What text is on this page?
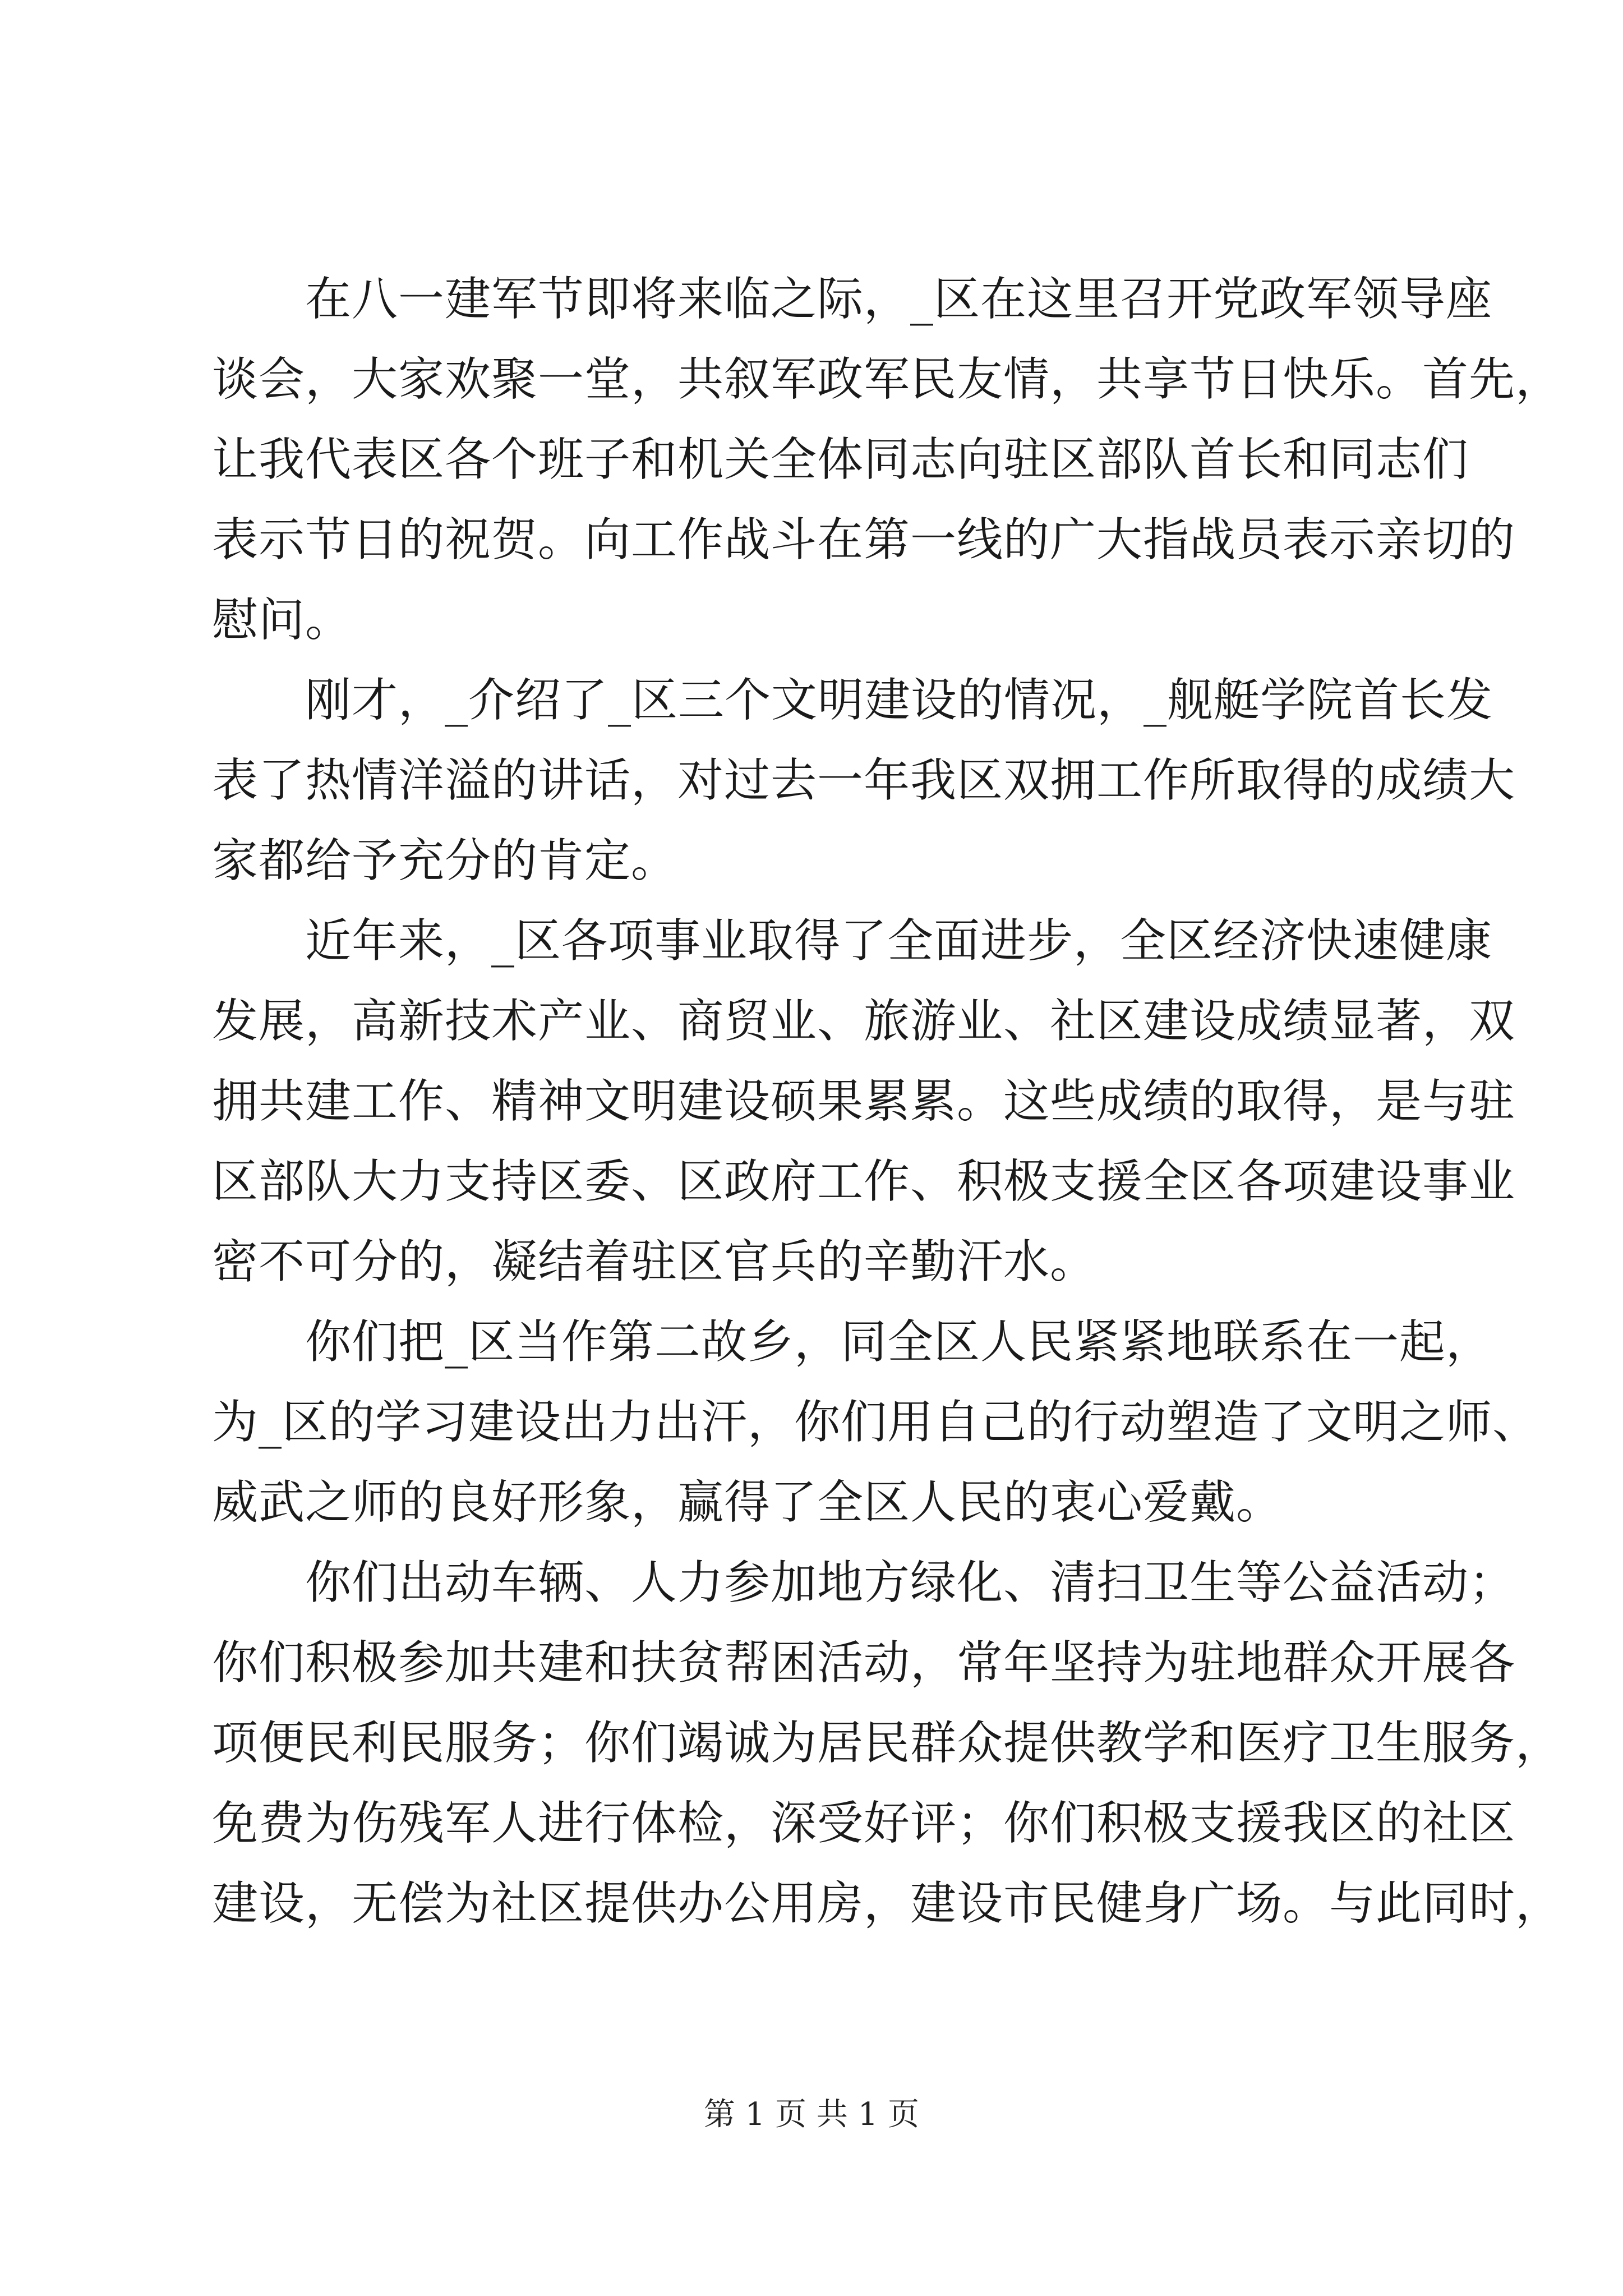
在八一建军节即将来临之际，_区在这里召开党政军领导座
谈会，大家欢聚一堂，共叙军政军民友情，共享节日快乐。首先，
让我代表区各个班子和机关全体同志向驻区部队首长和同志们
表示节日的祝贺。向工作战斗在第一线的广大指战员表示亲切的
慰问。
刚才，_介绍了_区三个文明建设的情况，_舰艇学院首长发
表了热情洋溢的讲话，对过去一年我区双拥工作所取得的成绩大
家都给予充分的肯定。
近年来，_区各项事业取得了全面进步，全区经济快速健康
发展，高新技术产业、商贸业、旅游业、社区建设成绩显著，双
拥共建工作、精神文明建设硕果累累。这些成绩的取得，是与驻
区部队大力支持区委、区政府工作、积极支援全区各项建设事业
密不可分的，凝结着驻区官兵的辛勤汗水。
你们把_区当作第二故乡，同全区人民紧紧地联系在一起，
为_区的学习建设出力出汗，你们用自己的行动塑造了文明之师、
威武之师的良好形象，赢得了全区人民的衷心爱戴。
你们出动车辆、人力参加地方绿化、清扫卫生等公益活动；
你们积极参加共建和扶贫帮困活动，常年坚持为驻地群众开展各
项便民利民服务；你们竭诚为居民群众提供教学和医疗卫生服务，
免费为伤残军人进行体检，深受好评；你们积极支援我区的社区
建设，无偿为社区提供办公用房，建设市民健身广场。与此同时，
第 1 页 共 1 页
